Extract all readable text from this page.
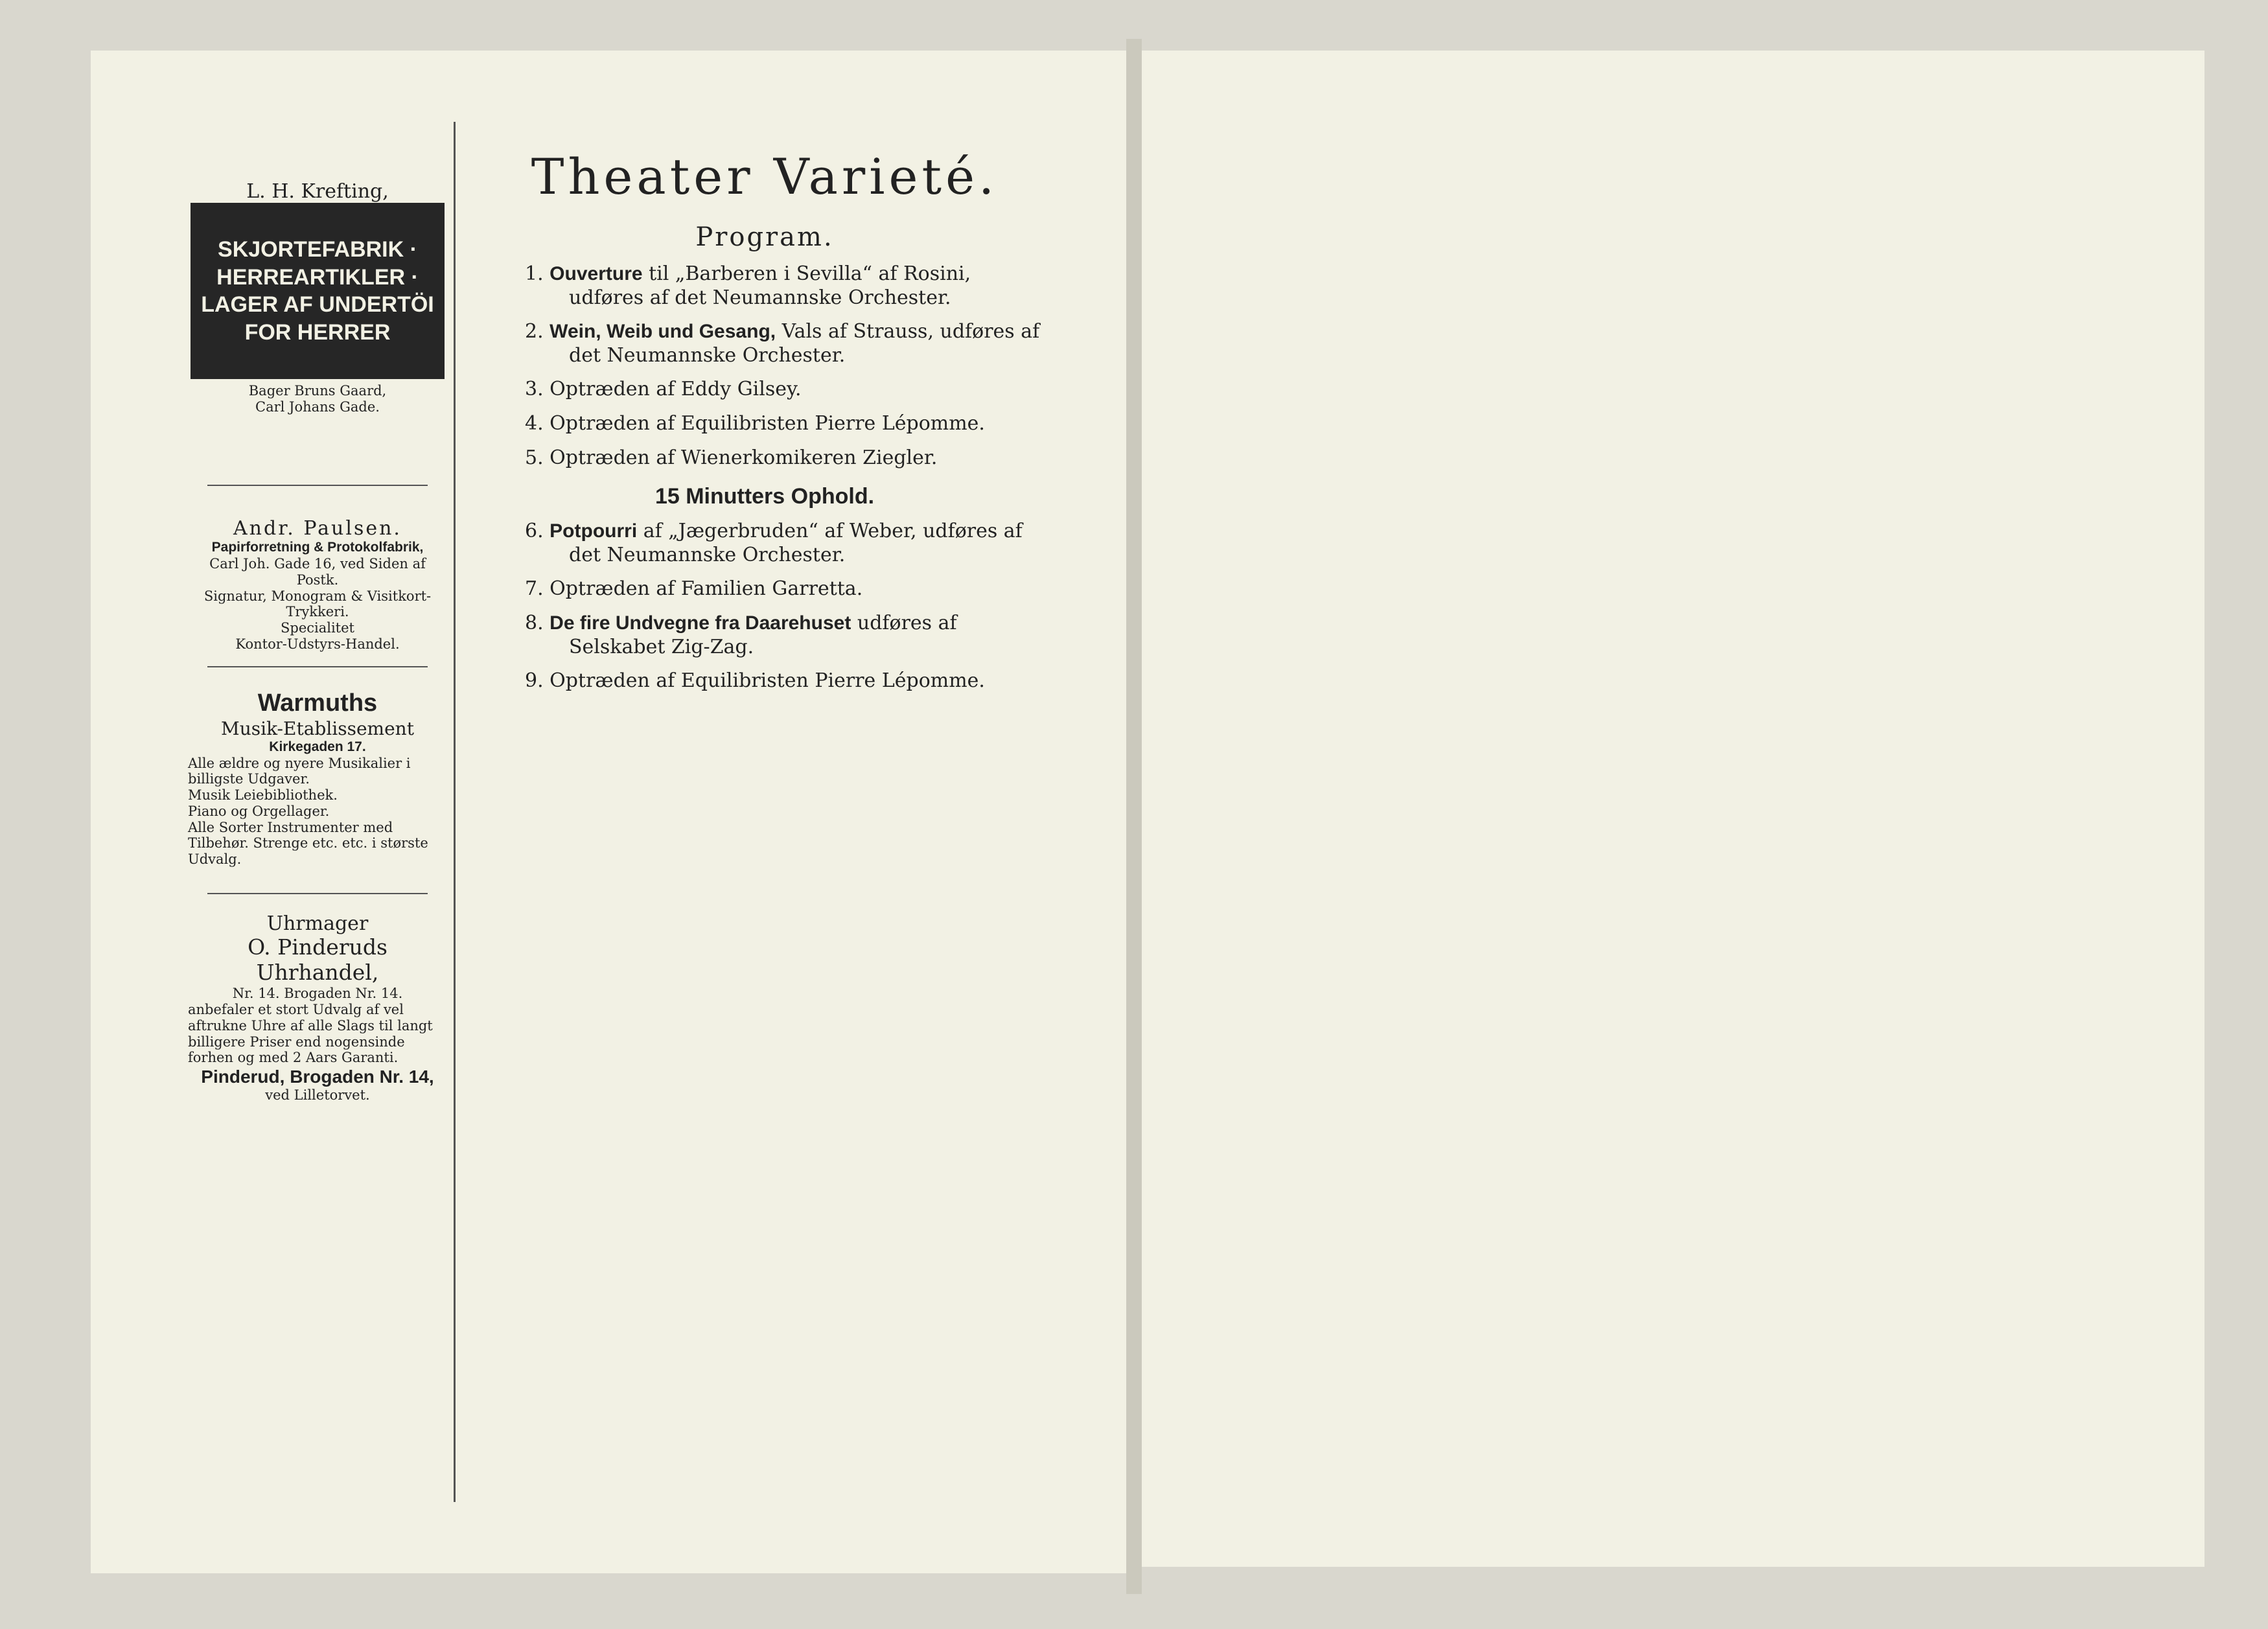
L. H. Krefting,
SKJORTEFABRIK · HERREARTIKLER · LAGER AF UNDERTÖI FOR HERRER
Bager Bruns Gaard,
Carl Johans Gade.
Andr. Paulsen.
Papirforretning & Protokolfabrik,
Carl Joh. Gade 16, ved Siden af Postk.
Signatur, Monogram & Visitkort-Trykkeri.
Specialitet
Kontor-Udstyrs-Handel.
Warmuths
Musik-Etablissement
Kirkegaden 17.
Alle ældre og nyere Musikalier i billigste Udgaver.
Musik Leiebibliothek.
Piano og Orgellager.
Alle Sorter Instrumenter med Tilbehør. Strenge etc. etc. i største Udvalg.
Uhrmager
O. Pinderuds Uhrhandel,
Nr. 14. Brogaden Nr. 14.
anbefaler et stort Udvalg af vel aftrukne Uhre af alle Slags til langt billigere Priser end nogensinde forhen og med 2 Aars Garanti.
Pinderud, Brogaden Nr. 14,
ved Lilletorvet.
Theater Varieté.
Program.
1. Ouverture til „Barberen i Sevilla“ af Rosini, udføres af det Neumannske Orchester.
2. Wein, Weib und Gesang, Vals af Strauss, udføres af det Neumannske Orchester.
3. Optræden af Eddy Gilsey.
4. Optræden af Equilibristen Pierre Lépomme.
5. Optræden af Wienerkomikeren Ziegler.
15 Minutters Ophold.
6. Potpourri af „Jægerbruden“ af Weber, udføres af det Neumannske Orchester.
7. Optræden af Familien Garretta.
8. De fire Undvegne fra Daarehuset udføres af Selskabet Zig-Zag.
9. Optræden af Equilibristen Pierre Lépomme.
